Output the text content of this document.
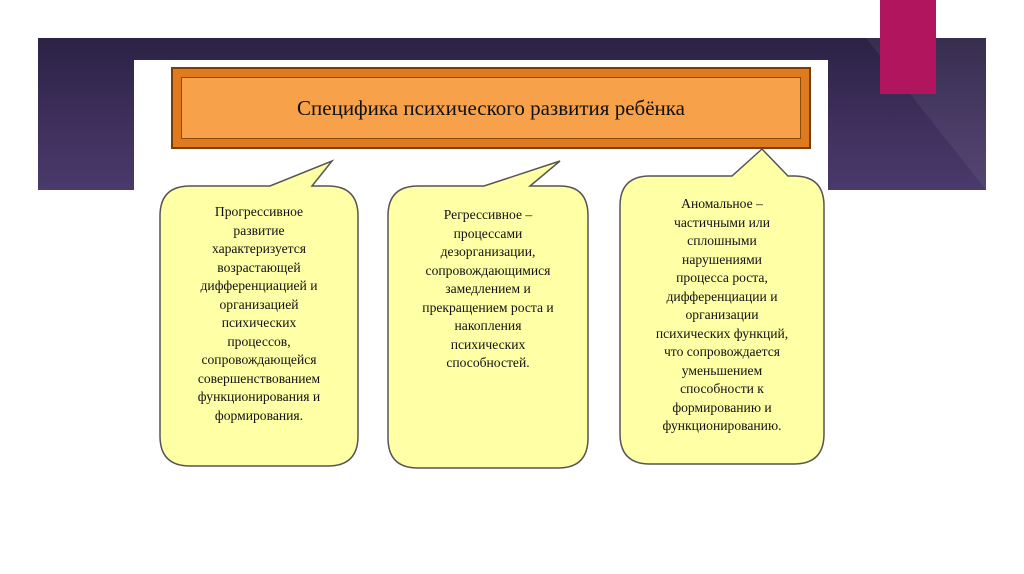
Специфика психического развития ребёнка
Прогрессивное
развитие
характеризуется
возрастающей
дифференциацией и
организацией
психических
процессов,
сопровождающейся
совершенствованием
функционирования и
формирования.
Регрессивное –
процессами
дезорганизации,
сопровождающимися
замедлением и
прекращением роста и
накопления
психических
способностей.
Аномальное –
частичными или
сплошными
нарушениями
процесса роста,
дифференциации и
организации
психических функций,
что сопровождается
уменьшением
способности к
формированию и
функционированию.
